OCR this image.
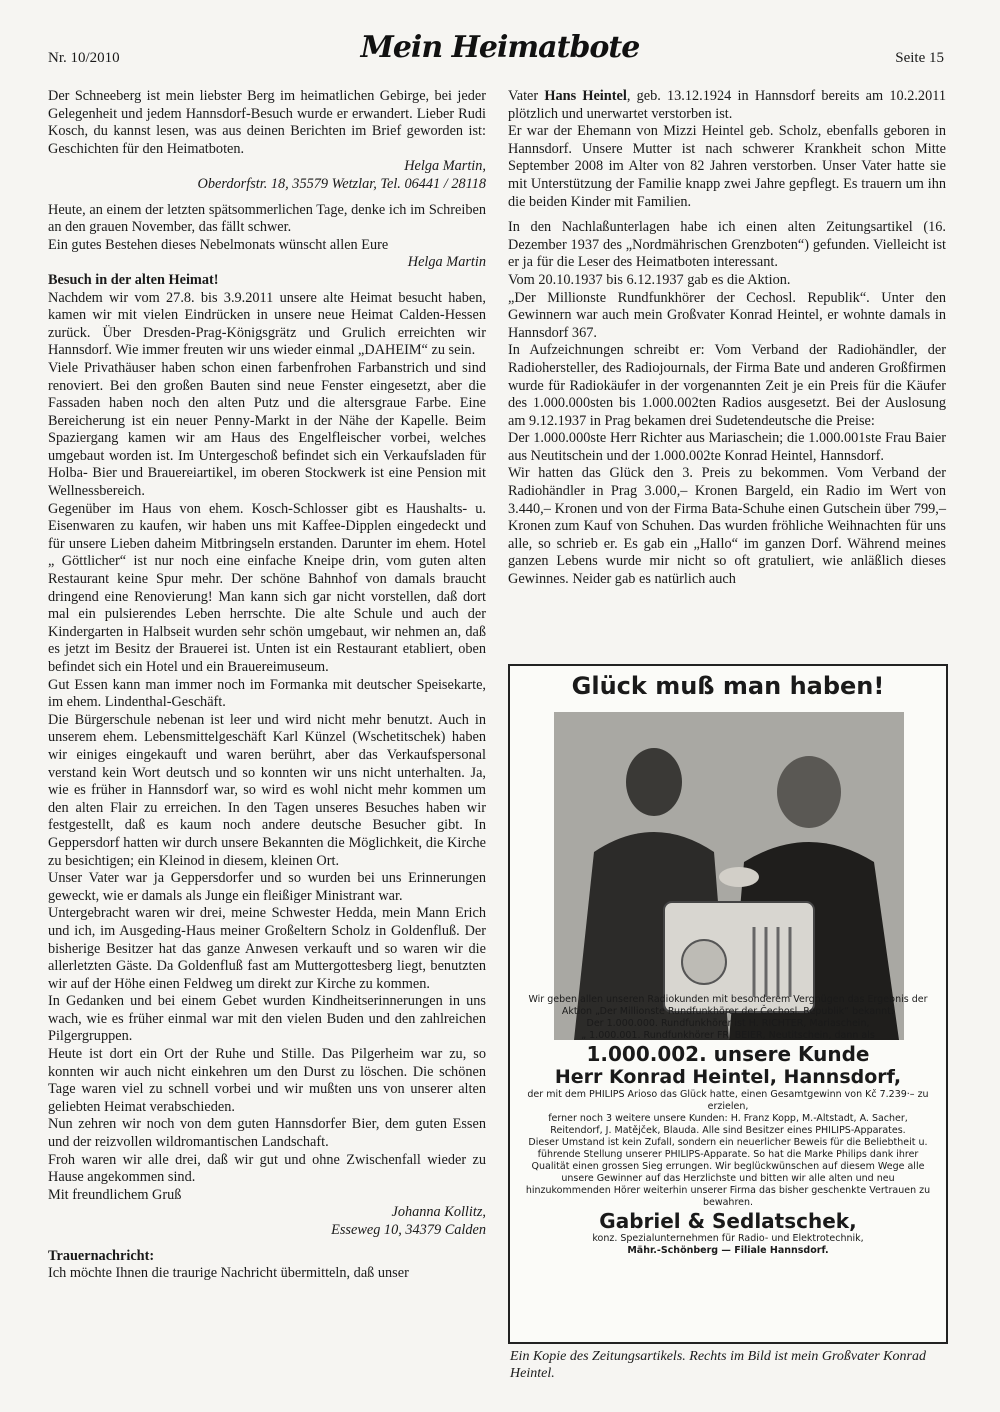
Nr. 10/2010	Mein Heimatbote	Seite 15

Der Schneeberg ist mein liebster Berg im heimatlichen Gebirge, bei jeder Gelegenheit und jedem Hannsdorf-Besuch wurde er erwandert. Lieber Rudi Kosch, du kannst lesen, was aus deinen Berichten im Brief geworden ist: Geschichten für den Heimatboten.

Helga Martin,

Oberdorfstr. 18, 35579 Wetzlar, Tel. 06441 / 28118

Heute, an einem der letzten spätsommerlichen Tage, denke ich im Schreiben an den grauen November, das fällt schwer.

Ein gutes Bestehen dieses Nebelmonats wünscht allen Eure

Helga Martin

Besuch in der alten Heimat!

Nachdem wir vom 27.8. bis 3.9.2011 unsere alte Heimat besucht haben, kamen wir mit vielen Eindrücken in unsere neue Heimat Calden-Hessen zurück. Über Dresden-Prag-Königsgrätz und Grulich erreichten wir Hannsdorf. Wie immer freuten wir uns wieder einmal „DAHEIM“ zu sein.

Viele Privathäuser haben schon einen farbenfrohen Farbanstrich und sind renoviert. Bei den großen Bauten sind neue Fenster eingesetzt, aber die Fassaden haben noch den alten Putz und die altersgraue Farbe. Eine Bereicherung ist ein neuer Penny-Markt in der Nähe der Kapelle. Beim Spaziergang kamen wir am Haus des Engelfleischer vorbei, welches umgebaut worden ist. Im Untergeschoß befindet sich ein Verkaufsladen für Holba- Bier und Brauereiartikel, im oberen Stockwerk ist eine Pension mit Wellnessbereich.

Gegenüber im Haus von ehem. Kosch-Schlosser gibt es Haushalts- u. Eisenwaren zu kaufen, wir haben uns mit Kaffee-Dipplen eingedeckt und für unsere Lieben daheim Mitbringseln erstanden. Darunter im ehem. Hotel „ Göttlicher“ ist nur noch eine einfache Kneipe drin, vom guten alten Restaurant keine Spur mehr. Der schöne Bahnhof von damals braucht dringend eine Renovierung! Man kann sich gar nicht vorstellen, daß dort mal ein pulsierendes Leben herrschte. Die alte Schule und auch der Kindergarten in Halbseit wurden sehr schön umgebaut, wir nehmen an, daß es jetzt im Besitz der Brauerei ist. Unten ist ein Restaurant etabliert, oben befindet sich ein Hotel und ein Brauereimuseum.

Gut Essen kann man immer noch im Formanka mit deutscher Speisekarte, im ehem. Lindenthal-Geschäft.

Die Bürgerschule nebenan ist leer und wird nicht mehr benutzt. Auch in unserem ehem. Lebensmittelgeschäft Karl Künzel (Wschetitschek) haben wir einiges eingekauft und waren berührt, aber das Verkaufspersonal verstand kein Wort deutsch und so konnten wir uns nicht unterhalten. Ja, wie es früher in Hannsdorf war, so wird es wohl nicht mehr kommen um den alten Flair zu erreichen. In den Tagen unseres Besuches haben wir festgestellt, daß es kaum noch andere deutsche Besucher gibt. In Geppersdorf hatten wir durch unsere Bekannten die Möglichkeit, die Kirche zu besichtigen; ein Kleinod in diesem, kleinen Ort.

Unser Vater war ja Geppersdorfer und so wurden bei uns Erinnerungen geweckt, wie er damals als Junge ein fleißiger Ministrant war.

Untergebracht waren wir drei, meine Schwester Hedda, mein Mann Erich und ich, im Ausgeding-Haus meiner Großeltern Scholz in Goldenfluß. Der bisherige Besitzer hat das ganze Anwesen verkauft und so waren wir die allerletzten Gäste. Da Goldenfluß fast am Muttergottesberg liegt, benutzten wir auf der Höhe einen Feldweg um direkt zur Kirche zu kommen.

In Gedanken und bei einem Gebet wurden Kindheitserinnerungen in uns wach, wie es früher einmal war mit den vielen Buden und den zahlreichen Pilgergruppen.

Heute ist dort ein Ort der Ruhe und Stille. Das Pilgerheim war zu, so konnten wir auch nicht einkehren um den Durst zu löschen. Die schönen Tage waren viel zu schnell vorbei und wir mußten uns von unserer alten geliebten Heimat verabschieden.

Nun zehren wir noch von dem guten Hannsdorfer Bier, dem guten Essen und der reizvollen wildromantischen Landschaft.

Froh waren wir alle drei, daß wir gut und ohne Zwischenfall wieder zu Hause angekommen sind.

Mit freundlichem Gruß

Johanna Kollitz,

Esseweg 10, 34379 Calden

Trauernachricht:

Ich möchte Ihnen die traurige Nachricht übermitteln, daß unser

Vater Hans Heintel, geb. 13.12.1924 in Hannsdorf bereits am 10.2.2011 plötzlich und unerwartet verstorben ist.

Er war der Ehemann von Mizzi Heintel geb. Scholz, ebenfalls geboren in Hannsdorf. Unsere Mutter ist nach schwerer Krankheit schon Mitte September 2008 im Alter von 82 Jahren verstorben. Unser Vater hatte sie mit Unterstützung der Familie knapp zwei Jahre gepflegt. Es trauern um ihn die beiden Kinder mit Familien.

In den Nachlaßunterlagen habe ich einen alten Zeitungsartikel (16. Dezember 1937 des „Nordmährischen Grenzboten“) gefunden. Vielleicht ist er ja für die Leser des Heimatboten interessant.

Vom 20.10.1937 bis 6.12.1937 gab es die Aktion.

„Der Millionste Rundfunkhörer der Cechosl. Republik“. Unter den Gewinnern war auch mein Großvater Konrad Heintel, er wohnte damals in Hannsdorf 367.

In Aufzeichnungen schreibt er: Vom Verband der Radiohändler, der Radiohersteller, des Radiojournals, der Firma Bate und anderen Großfirmen wurde für Radiokäufer in der vorgenannten Zeit je ein Preis für die Käufer des 1.000.000sten bis 1.000.002ten Radios ausgesetzt. Bei der Auslosung am 9.12.1937 in Prag bekamen drei Sudetendeutsche die Preise:

Der 1.000.000ste Herr Richter aus Mariaschein; die 1.000.001ste Frau Baier aus Neutitschein und der 1.000.002te Konrad Heintel, Hannsdorf.

Wir hatten das Glück den 3. Preis zu bekommen. Vom Verband der Radiohändler in Prag 3.000,– Kronen Bargeld, ein Radio im Wert von 3.440,– Kronen und von der Firma Bata-Schuhe einen Gutschein über 799,– Kronen zum Kauf von Schuhen. Das wurden fröhliche Weihnachten für uns alle, so schrieb er. Es gab ein „Hallo“ im ganzen Dorf. Während meines ganzen Lebens wurde mir nicht so oft gratuliert, wie anläßlich dieses Gewinnes. Neider gab es natürlich auch

Glück muß man haben!

Wir geben allen unseren Radiokunden mit besonderem Vergnügen das Ergebnis der Aktion „Der Millionste Rundfunkhörer der Čechosl. Republik“ bekannt:

Der 1.000.000. Rundfunkhörer ist H. RICHTER, Mariaschein,

„ 1.000.001. Rundfunkhörer FR. BEIER, Neutitschein, dann als

1.000.002. unsere Kunde

Herr Konrad Heintel, Hannsdorf,

der mit dem PHILIPS Arioso das Glück hatte, einen Gesamtgewinn von Kč 7.239·– zu erzielen,

ferner noch 3 weitere unsere Kunden: H. Franz Kopp, M.-Altstadt, A. Sacher, Reitendorf, J. Matějček, Blauda. Alle sind Besitzer eines PHILIPS-Apparates.

Dieser Umstand ist kein Zufall, sondern ein neuerlicher Beweis für die Beliebtheit u. führende Stellung unserer PHILIPS-Apparate. So hat die Marke Philips dank ihrer Qualität einen grossen Sieg errungen. Wir beglückwünschen auf diesem Wege alle unsere Gewinner auf das Herzlichste und bitten wir alle alten und neu hinzukommenden Hörer weiterhin unserer Firma das bisher geschenkte Vertrauen zu bewahren.

Gabriel & Sedlatschek,

konz. Spezialunternehmen für Radio- und Elektrotechnik,

Mähr.-Schönberg — Filiale Hannsdorf.

Ein Kopie des Zeitungsartikels. Rechts im Bild ist mein Großvater Konrad Heintel.
